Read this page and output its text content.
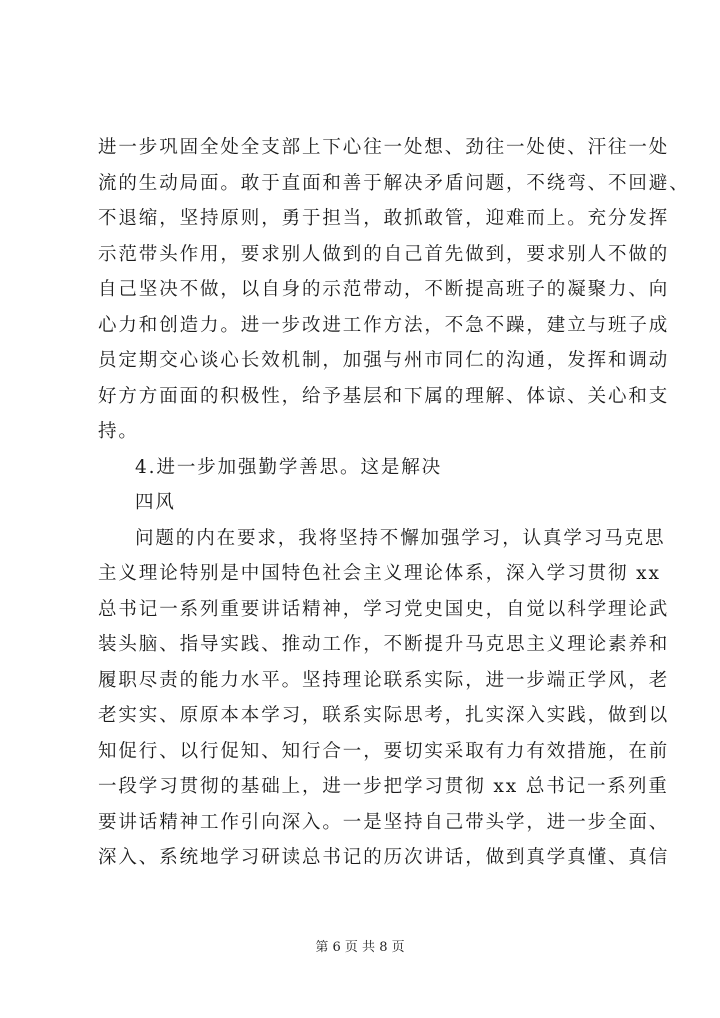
进一步巩固全处全支部上下心往一处想、劲往一处使、汗往一处
流的生动局面。敢于直面和善于解决矛盾问题，不绕弯、不回避、
不退缩，坚持原则，勇于担当，敢抓敢管，迎难而上。充分发挥
示范带头作用，要求别人做到的自己首先做到，要求别人不做的
自己坚决不做，以自身的示范带动，不断提高班子的凝聚力、向
心力和创造力。进一步改进工作方法，不急不躁，建立与班子成
员定期交心谈心长效机制，加强与州市同仁的沟通，发挥和调动
好方方面面的积极性，给予基层和下属的理解、体谅、关心和支
持。
4.进一步加强勤学善思。这是解决
四风
问题的内在要求，我将坚持不懈加强学习，认真学习马克思
主义理论特别是中国特色社会主义理论体系，深入学习贯彻 xx
总书记一系列重要讲话精神，学习党史国史，自觉以科学理论武
装头脑、指导实践、推动工作，不断提升马克思主义理论素养和
履职尽责的能力水平。坚持理论联系实际，进一步端正学风，老
老实实、原原本本学习，联系实际思考，扎实深入实践，做到以
知促行、以行促知、知行合一，要切实采取有力有效措施，在前
一段学习贯彻的基础上，进一步把学习贯彻 xx 总书记一系列重
要讲话精神工作引向深入。一是坚持自己带头学，进一步全面、
深入、系统地学习研读总书记的历次讲话，做到真学真懂、真信
第 6 页 共 8 页
